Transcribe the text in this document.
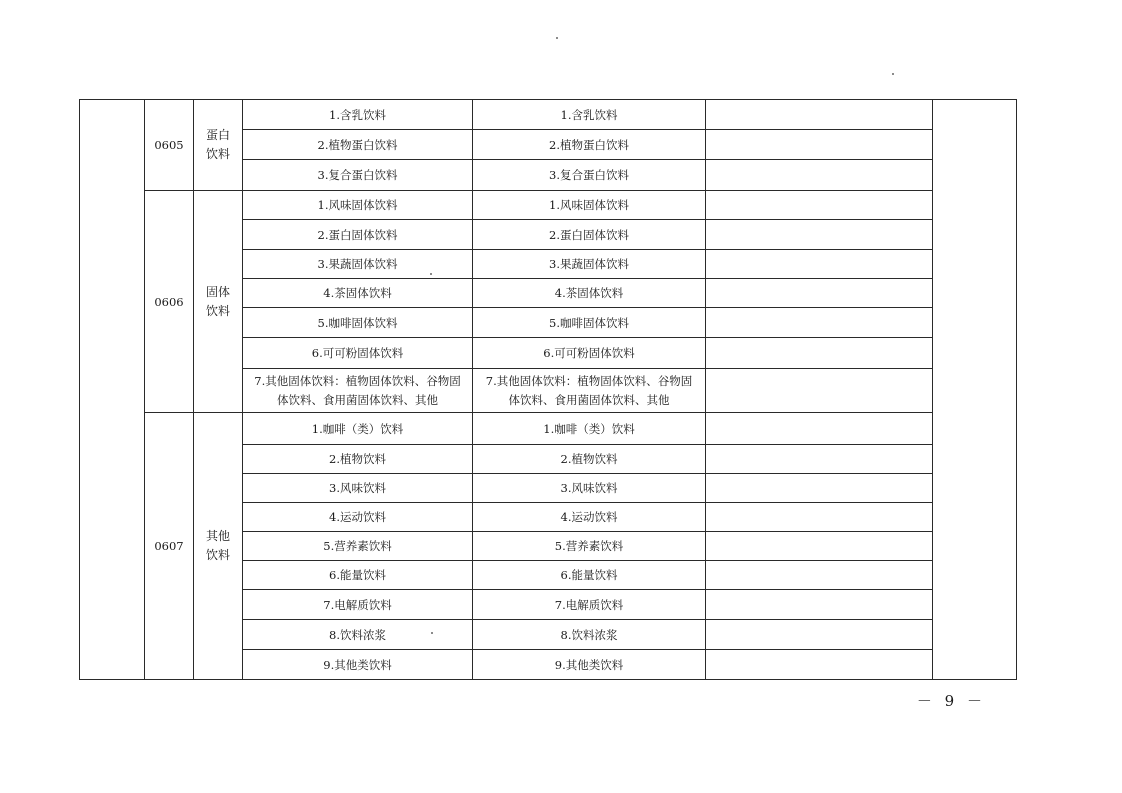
	0605	蛋白饮料	1.含乳饮料	1.含乳饮料		
			2.植物蛋白饮料	2.植物蛋白饮料		
			3.复合蛋白饮料	3.复合蛋白饮料		
	0606	固体饮料	1.风味固体饮料	1.风味固体饮料		
			2.蛋白固体饮料	2.蛋白固体饮料		
			3.果蔬固体饮料	3.果蔬固体饮料		
			4.茶固体饮料	4.茶固体饮料		
			5.咖啡固体饮料	5.咖啡固体饮料		
			6.可可粉固体饮料	6.可可粉固体饮料		
			7.其他固体饮料：植物固体饮料、谷物固体饮料、食用菌固体饮料、其他	7.其他固体饮料：植物固体饮料、谷物固体饮料、食用菌固体饮料、其他		
	0607	其他饮料	1.咖啡（类）饮料	1.咖啡（类）饮料		
			2.植物饮料	2.植物饮料		
			3.风味饮料	3.风味饮料		
			4.运动饮料	4.运动饮料		
			5.营养素饮料	5.营养素饮料		
			6.能量饮料	6.能量饮料		
			7.电解质饮料	7.电解质饮料		
			8.饮料浓浆	8.饮料浓浆		
			9.其他类饮料	9.其他类饮料		
－ 9 －
